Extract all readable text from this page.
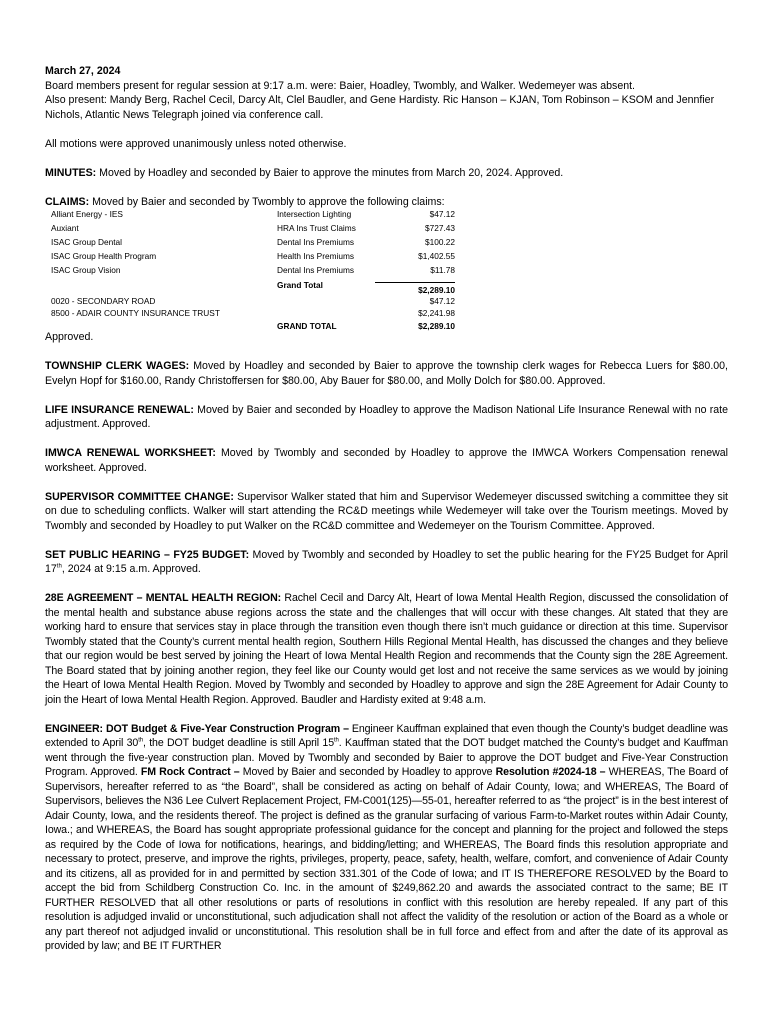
March 27, 2024

Board members present for regular session at 9:17 a.m. were: Baier, Hoadley, Twombly, and Walker. Wedemeyer was absent.

Also present: Mandy Berg, Rachel Cecil, Darcy Alt, Clel Baudler, and Gene Hardisty. Ric Hanson – KJAN, Tom Robinson – KSOM and Jennfier Nichols, Atlantic News Telegraph joined via conference call.

All motions were approved unanimously unless noted otherwise.

MINUTES: Moved by Hoadley and seconded by Baier to approve the minutes from March 20, 2024. Approved.

CLAIMS: Moved by Baier and seconded by Twombly to approve the following claims:

Alliant Energy - IES	Intersection Lighting	$47.12
Auxiant	HRA Ins Trust Claims	$727.43
ISAC Group Dental	Dental Ins Premiums	$100.22
ISAC Group Health Program	Health Ins Premiums	$1,402.55
ISAC Group Vision	Dental Ins Premiums	$11.78
Grand Total	$2,289.10
0020 - SECONDARY ROAD	$47.12
8500 - ADAIR COUNTY INSURANCE TRUST	$2,241.98
GRAND TOTAL	$2,289.10

Approved.

TOWNSHIP CLERK WAGES: Moved by Hoadley and seconded by Baier to approve the township clerk wages for Rebecca Luers for $80.00, Evelyn Hopf for $160.00, Randy Christoffersen for $80.00, Aby Bauer for $80.00, and Molly Dolch for $80.00. Approved.

LIFE INSURANCE RENEWAL: Moved by Baier and seconded by Hoadley to approve the Madison National Life Insurance Renewal with no rate adjustment. Approved.

IMWCA RENEWAL WORKSHEET: Moved by Twombly and seconded by Hoadley to approve the IMWCA Workers Compensation renewal worksheet. Approved.

SUPERVISOR COMMITTEE CHANGE: Supervisor Walker stated that him and Supervisor Wedemeyer discussed switching a committee they sit on due to scheduling conflicts. Walker will start attending the RC&D meetings while Wedemeyer will take over the Tourism meetings. Moved by Twombly and seconded by Hoadley to put Walker on the RC&D committee and Wedemeyer on the Tourism Committee. Approved.

SET PUBLIC HEARING – FY25 BUDGET: Moved by Twombly and seconded by Hoadley to set the public hearing for the FY25 Budget for April 17th, 2024 at 9:15 a.m. Approved.

28E AGREEMENT – MENTAL HEALTH REGION: Rachel Cecil and Darcy Alt, Heart of Iowa Mental Health Region, discussed the consolidation of the mental health and substance abuse regions across the state and the challenges that will occur with these changes. Alt stated that they are working hard to ensure that services stay in place through the transition even though there isn’t much guidance or direction at this time. Supervisor Twombly stated that the County’s current mental health region, Southern Hills Regional Mental Health, has discussed the changes and they believe that our region would be best served by joining the Heart of Iowa Mental Health Region and recommends that the County sign the 28E Agreement. The Board stated that by joining another region, they feel like our County would get lost and not receive the same services as we would by joining the Heart of Iowa Mental Health Region. Moved by Twombly and seconded by Hoadley to approve and sign the 28E Agreement for Adair County to join the Heart of Iowa Mental Health Region. Approved. Baudler and Hardisty exited at 9:48 a.m.

ENGINEER: DOT Budget & Five-Year Construction Program – Engineer Kauffman explained that even though the County’s budget deadline was extended to April 30th, the DOT budget deadline is still April 15th. Kauffman stated that the DOT budget matched the County’s budget and Kauffman went through the five-year construction plan. Moved by Twombly and seconded by Baier to approve the DOT budget and Five-Year Construction Program. Approved. FM Rock Contract – Moved by Baier and seconded by Hoadley to approve Resolution #2024-18 – WHEREAS, The Board of Supervisors, hereafter referred to as “the Board”, shall be considered as acting on behalf of Adair County, Iowa; and WHEREAS, The Board of Supervisors, believes the N36 Lee Culvert Replacement Project, FM-C001(125)—55-01, hereafter referred to as “the project” is in the best interest of Adair County, Iowa, and the residents thereof. The project is defined as the granular surfacing of various Farm-to-Market routes within Adair County, Iowa.; and WHEREAS, the Board has sought appropriate professional guidance for the concept and planning for the project and followed the steps as required by the Code of Iowa for notifications, hearings, and bidding/letting; and WHEREAS, The Board finds this resolution appropriate and necessary to protect, preserve, and improve the rights, privileges, property, peace, safety, health, welfare, comfort, and convenience of Adair County and its citizens, all as provided for in and permitted by section 331.301 of the Code of Iowa; and IT IS THEREFORE RESOLVED by the Board to accept the bid from Schildberg Construction Co. Inc. in the amount of $249,862.20 and awards the associated contract to the same; BE IT FURTHER RESOLVED that all other resolutions or parts of resolutions in conflict with this resolution are hereby repealed. If any part of this resolution is adjudged invalid or unconstitutional, such adjudication shall not affect the validity of the resolution or action of the Board as a whole or any part thereof not adjudged invalid or unconstitutional. This resolution shall be in full force and effect from and after the date of its approval as provided by law; and BE IT FURTHER
